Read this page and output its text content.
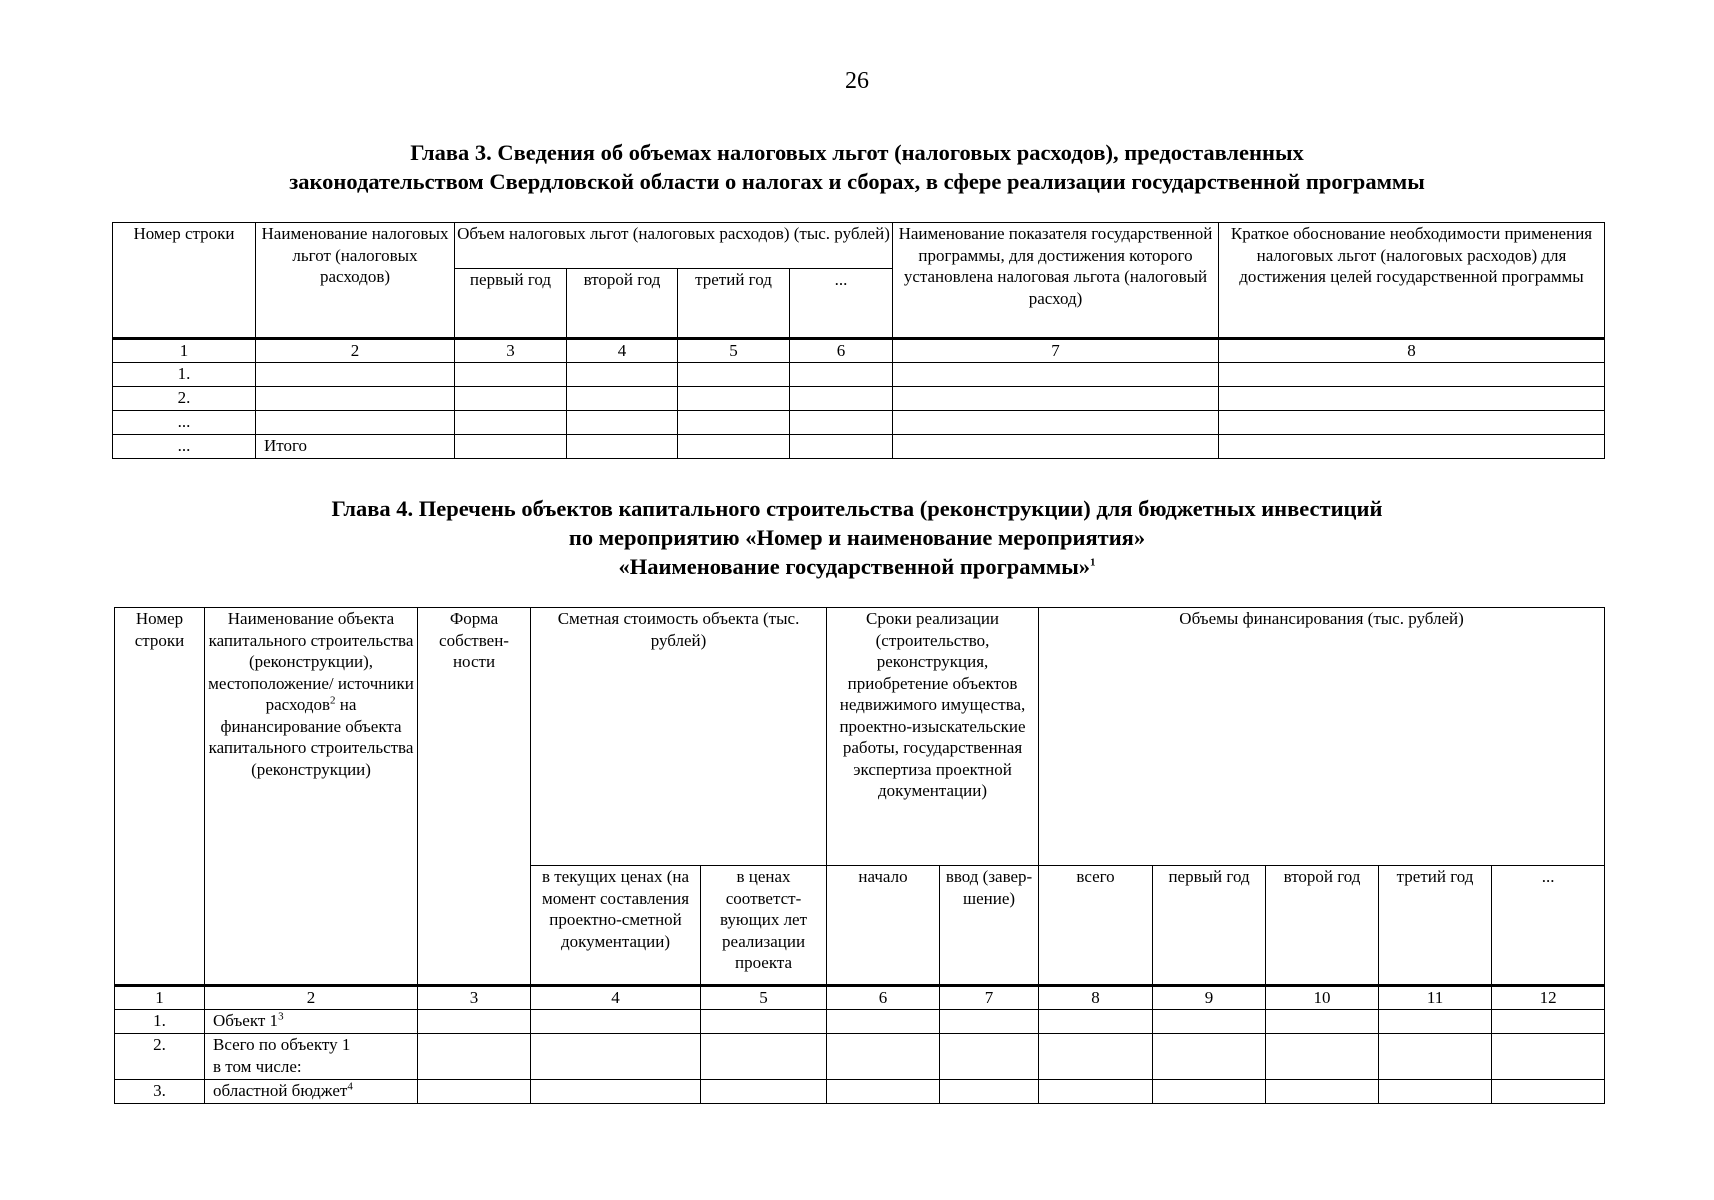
26
Глава 3. Сведения об объемах налоговых льгот (налоговых расходов), предоставленных
законодательством Свердловской области о налогах и сборах, в сфере реализации государственной программы
Номер строки	Наименование налоговых льгот (налоговых расходов)	Объем налоговых льгот (налоговых расходов) (тыс. рублей)				Наименование показателя государственной программы, для достижения которого установлена налоговая льгота (налоговый расход)	Краткое обоснование необходимости применения налоговых льгот (налоговых расходов) для достижения целей государственной программы
		первый год	второй год	третий год	...		
1	2	3	4	5	6	7	8
1.							
2.							
...							
...	Итого						
Глава 4. Перечень объектов капитального строительства (реконструкции) для бюджетных инвестиций
по мероприятию «Номер и наименование мероприятия»
«Наименование государственной программы»$^1$
Номер строки	Наименование объекта капитального строительства (реконструкции), местоположение/ источники расходов$^2$ на финансирование объекта капитального строительства (реконструкции)	Форма собствен-ности	Сметная стоимость объекта (тыс. рублей)		Сроки реализации (строительство, реконструкция, приобретение объектов недвижимого имущества, проектно-изыскательские работы, государственная экспертиза проектной документации)		Объемы финансирования (тыс. рублей)				
			в текущих ценах (на момент составления проектно-сметной документации)	в ценах соответст-вующих лет реализации проекта	начало	ввод (завер-шение)	всего	первый год	второй год	третий год	...
1	2	3	4	5	6	7	8	9	10	11	12
1.	Объект $1^3$										
2.	Всего по объекту 1
в том числе:										

3.	областной бюджет$^4$										
